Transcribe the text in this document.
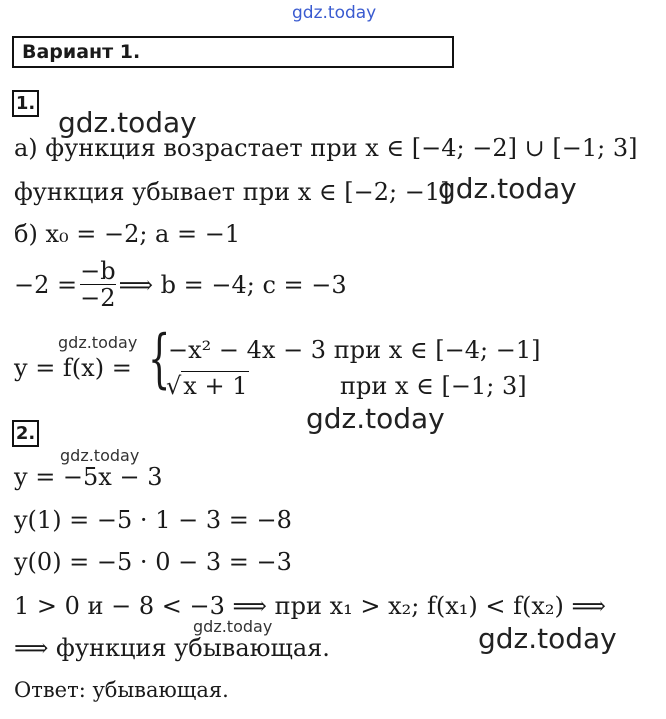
gdz.today
gdz.today
gdz.today
gdz.today
gdz.today
gdz.today
gdz.today	gdz.today
Вариант 1.
1.
а) функция возрастает при x ∈ [−4; −2] ∪ [−1; 3]
функция убывает при x ∈ [−2; −1]
б) x₀ = −2; a = −1
$-2 = \frac{-b}{-2}$ ⟹ b = −4; c = −3
y = f(x) = {
−x² − 4x − 3 при x ∈ [−4; −1]
√x + 1	при x ∈ [−1; 3]
2.
y = −5x − 3
y(1) = −5 · 1 − 3 = −8
y(0) = −5 · 0 − 3 = −3
1 > 0 и − 8 < −3 ⟹ при x₁ > x₂; f(x₁) < f(x₂) ⟹
⟹ функция убывающая.
Ответ: убывающая.
